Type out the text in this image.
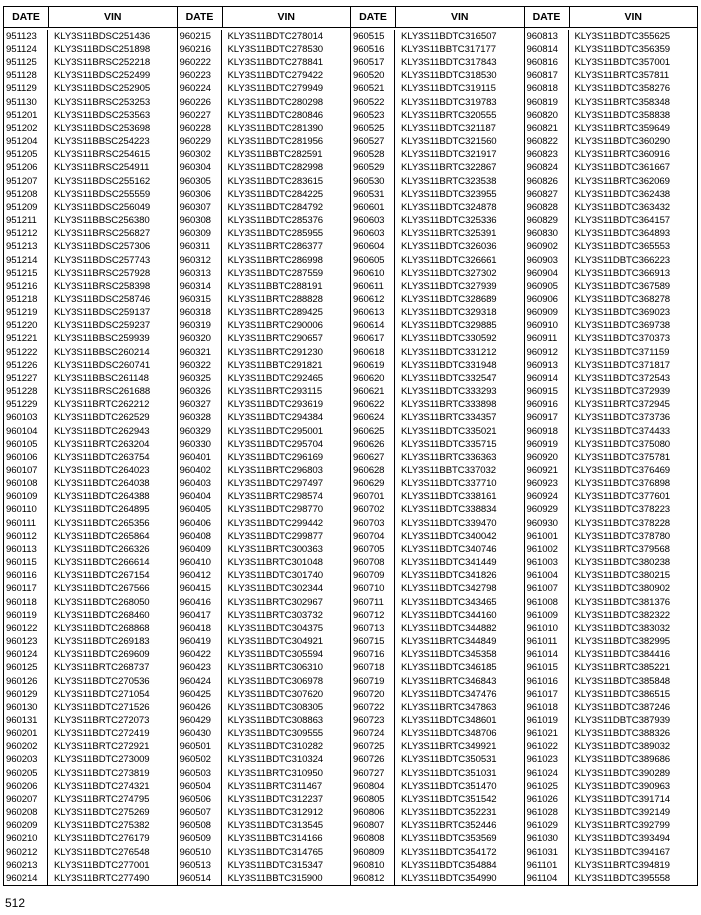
DATE	VIN
951123	KLY3S11BDSC251436
951124	KLY3S11BDSC251898
951125	KLY3S11BRSC252218
951128	KLY3S11BDSC252499
951129	KLY3S11BDSC252905
951130	KLY3S11BRSC253253
951201	KLY3S11BDSC253563
951202	KLY3S11BDSC253698
951204	KLY3S11BBSC254223
951205	KLY3S11BRSC254615
951206	KLY3S11BRSC254911
951207	KLY3S11BDSC255162
951208	KLY3S11BDSC255559
951209	KLY3S11BDSC256049
951211	KLY3S11BBSC256380
951212	KLY3S11BRSC256827
951213	KLY3S11BDSC257306
951214	KLY3S11BDSC257743
951215	KLY3S11BRSC257928
951216	KLY3S11BRSC258398
951218	KLY3S11BDSC258746
951219	KLY3S11BDSC259137
951220	KLY3S11BDSC259237
951221	KLY3S11BBSC259939
951222	KLY3S11BBSC260214
951226	KLY3S11BDSC260741
951227	KLY3S11BBSC261148
951228	KLY3S11BRSC261688
951229	KLY3S11BRTC262212
960103	KLY3S11BDTC262529
960104	KLY3S11BDTC262943
960105	KLY3S11BRTC263204
960106	KLY3S11BDTC263754
960107	KLY3S11BDTC264023
960108	KLY3S11BDTC264038
960109	KLY3S11BDTC264388
960110	KLY3S11BDTC264895
960111	KLY3S11BDTC265356
960112	KLY3S11BDTC265864
960113	KLY3S11BDTC266326
960115	KLY3S11BDTC266614
960116	KLY3S11BDTC267154
960117	KLY3S11BDTC267566
960118	KLY3S11BDTC268050
960119	KLY3S11BDTC268460
960122	KLY3S11BDTC268868
960123	KLY3S11BDTC269183
960124	KLY3S11BDTC269609
960125	KLY3S11BRTC268737
960126	KLY3S11BDTC270536
960129	KLY3S11BDTC271054
960130	KLY3S11BDTC271526
960131	KLY3S11BRTC272073
960201	KLY3S11BDTC272419
960202	KLY3S11BRTC272921
960203	KLY3S11BDTC273009
960205	KLY3S11BDTC273819
960206	KLY3S11BDTC274321
960207	KLY3S11BRTC274795
960208	KLY3S11BDTC275269
960209	KLY3S11BDTC275382
960210	KLY3S11BDTC276179
960212	KLY3S11BDTC276548
960213	KLY3S11BDTC277001
960214	KLY3S11BRTC277490
DATE	VIN
960215	KLY3S11BDTC278014
960216	KLY3S11BDTC278530
960222	KLY3S11BDTC278841
960223	KLY3S11BDTC279422
960224	KLY3S11BDTC279949
960226	KLY3S11BDTC280298
960227	KLY3S11BDTC280846
960228	KLY3S11BDTC281390
960229	KLY3S11BDTC281956
960302	KLY3S11BBTC282591
960304	KLY3S11BDTC282998
960305	KLY3S11BDTC283615
960306	KLY3S11BDTC284225
960307	KLY3S11BDTC284792
960308	KLY3S11BDTC285376
960309	KLY3S11BDTC285955
960311	KLY3S11BRTC286377
960312	KLY3S11BRTC286998
960313	KLY3S11BDTC287559
960314	KLY3S11BBTC288191
960315	KLY3S11BRTC288828
960318	KLY3S11BRTC289425
960319	KLY3S11BRTC290006
960320	KLY3S11BRTC290657
960321	KLY3S11BRTC291230
960322	KLY3S11BBTC291821
960325	KLY3S11BDTC292465
960326	KLY3S11BRTC293115
960327	KLY3S11BDTC293619
960328	KLY3S11BDTC294384
960329	KLY3S11BDTC295001
960330	KLY3S11BDTC295704
960401	KLY3S11BDTC296169
960402	KLY3S11BRTC296803
960403	KLY3S11BDTC297497
960404	KLY3S11BRTC298574
960405	KLY3S11BDTC298770
960406	KLY3S11BDTC299442
960408	KLY3S11BDTC299877
960409	KLY3S11BRTC300363
960410	KLY3S11BRTC301048
960412	KLY3S11BDTC301740
960415	KLY3S11BDTC302344
960416	KLY3S11BRTC302967
960417	KLY3S11BRTC303732
960418	KLY3S11BDTC304375
960419	KLY3S11BDTC304921
960422	KLY3S11BDTC305594
960423	KLY3S11BRTC306310
960424	KLY3S11BDTC306978
960425	KLY3S11BDTC307620
960426	KLY3S11BDTC308305
960429	KLY3S11BDTC308863
960430	KLY3S11BDTC309555
960501	KLY3S11BDTC310282
960502	KLY3S11BDTC310324
960503	KLY3S11BRTC310950
960504	KLY3S11BRTC311467
960506	KLY3S11BDTC312237
960507	KLY3S11BDTC312912
960508	KLY3S11BDTC313545
960509	KLY3S11BBTC314166
960510	KLY3S11BDTC314765
960513	KLY3S11BDTC315347
960514	KLY3S11BBTC315900
DATE	VIN
960515	KLY3S11BDTC316507
960516	KLY3S11BBTC317177
960517	KLY3S11BDTC317843
960520	KLY3S11BDTC318530
960521	KLY3S11BDTC319115
960522	KLY3S11BDTC319783
960523	KLY3S11BRTC320555
960525	KLY3S11BDTC321187
960527	KLY3S11BDTC321560
960528	KLY3S11BDTC321917
960529	KLY3S11BRTC322867
960530	KLY3S11BRTC323538
960531	KLY3S11BDTC323955
960601	KLY3S11BDTC324878
960603	KLY3S11BDTC325336
960603	KLY3S11BRTC325391
960604	KLY3S11BDTC326036
960605	KLY3S11BDTC326661
960610	KLY3S11BDTC327302
960611	KLY3S11BDTC327939
960612	KLY3S11BDTC328689
960613	KLY3S11BDTC329318
960614	KLY3S11BDTC329885
960617	KLY3S11BDTC330592
960618	KLY3S11BDTC331212
960619	KLY3S11BDTC331948
960620	KLY3S11BDTC332547
960621	KLY3S11BDTC333293
960622	KLY3S11BRTC333898
960624	KLY3S11BRTC334357
960625	KLY3S11BDTC335021
960626	KLY3S11BDTC335715
960627	KLY3S11BRTC336363
960628	KLY3S11BBTC337032
960629	KLY3S11BDTC337710
960701	KLY3S11BDTC338161
960702	KLY3S11BDTC338834
960703	KLY3S11BDTC339470
960704	KLY3S11BDTC340042
960705	KLY3S11BDTC340746
960708	KLY3S11BDTC341449
960709	KLY3S11BDTC341826
960710	KLY3S11BDTC342798
960711	KLY3S11BDTC343465
960712	KLY3S11BDTC344160
960713	KLY3S11BDTC344882
960715	KLY3S11BRTC344849
960716	KLY3S11BDTC345358
960718	KLY3S11BDTC346185
960719	KLY3S11BRTC346843
960720	KLY3S11BDTC347476
960722	KLY3S11BRTC347863
960723	KLY3S11BDTC348601
960724	KLY3S11BDTC348706
960725	KLY3S11BRTC349921
960726	KLY3S11BDTC350531
960727	KLY3S11BDTC351031
960804	KLY3S11BDTC351470
960805	KLY3S11BDTC351542
960806	KLY3S11BDTC352231
960807	KLY3S11BRTC352446
960808	KLY3S11BDTC353569
960809	KLY3S11BDTC354172
960810	KLY3S11BDTC354884
960812	KLY3S11BDTC354990
DATE	VIN
960813	KLY3S11BDTC355625
960814	KLY3S11BDTC356359
960816	KLY3S11BDTC357001
960817	KLY3S11BRTC357811
960818	KLY3S11BDTC358276
960819	KLY3S11BRTC358348
960820	KLY3S11BDTC358838
960821	KLY3S11BRTC359649
960822	KLY3S11BDTC360290
960823	KLY3S11BRTC360916
960824	KLY3S11BDTC361667
960826	KLY3S11BRTC362069
960827	KLY3S11BDTC362438
960828	KLY3S11BDTC363432
960829	KLY3S11BDTC364157
960830	KLY3S11BDTC364893
960902	KLY3S11BDTC365553
960903	KLY3S11DBTC366223
960904	KLY3S11BDTC366913
960905	KLY3S11BDTC367589
960906	KLY3S11BDTC368278
960909	KLY3S11BDTC369023
960910	KLY3S11BDTC369738
960911	KLY3S11BDTC370373
960912	KLY3S11BDTC371159
960913	KLY3S11BDTC371817
960914	KLY3S11BDTC372543
960915	KLY3S11BDTC372939
960916	KLY3S11BRTC372945
960917	KLY3S11BDTC373736
960918	KLY3S11BDTC374433
960919	KLY3S11BDTC375080
960920	KLY3S11BDTC375781
960921	KLY3S11BDTC376469
960923	KLY3S11BDTC376898
960924	KLY3S11BDTC377601
960929	KLY3S11BDTC378223
960930	KLY3S11BDTC378228
961001	KLY3S11BDTC378780
961002	KLY3S11BRTC379568
961003	KLY3S11BDTC380238
961004	KLY3S11BDTC380215
961007	KLY3S11BDTC380902
961008	KLY3S11BDTC381376
961009	KLY3S11BDTC382322
961010	KLY3S11BDTC383032
961011	KLY3S11BDTC382995
961014	KLY3S11BDTC384416
961015	KLY3S11BRTC385221
961016	KLY3S11BDTC385848
961017	KLY3S11BDTC386515
961018	KLY3S11BDTC387246
961019	KLY3S11DBTC387939
961021	KLY3S11BDTC388326
961022	KLY3S11BDTC389032
961023	KLY3S11BDTC389686
961024	KLY3S11BDTC390289
961025	KLY3S11BDTC390963
961026	KLY3S11BDTC391714
961028	KLY3S11BDTC392149
961029	KLY3S11BRTC392799
961030	KLY3S11BDTC393494
961031	KLY3S11BDTC394167
961101	KLY3S11BRTC394819
961104	KLY3S11BDTC395558
512
